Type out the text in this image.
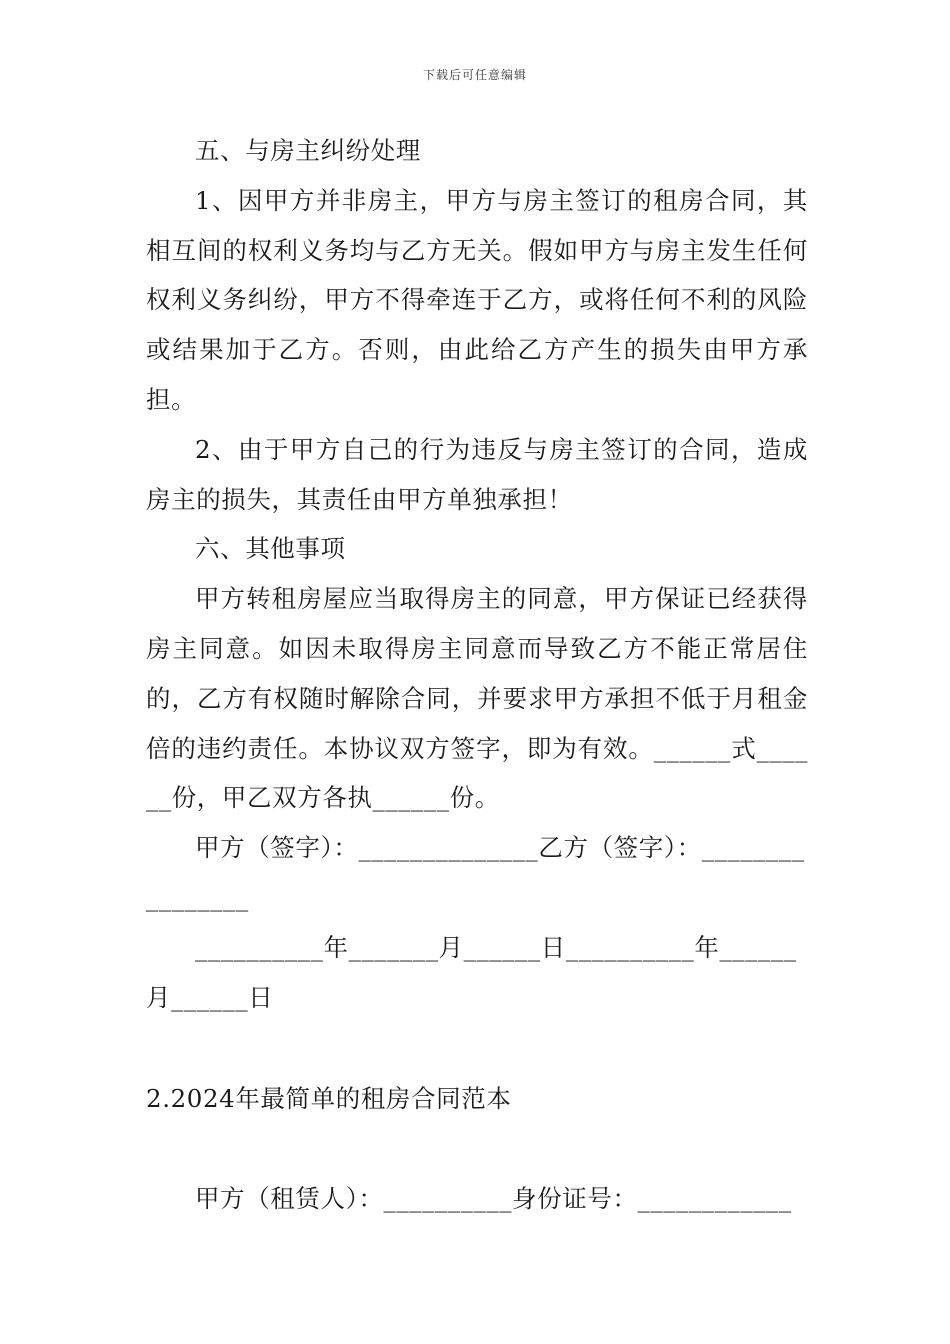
下载后可任意编辑

五、与房主纠纷处理

1、因甲方并非房主，甲方与房主签订的租房合同，其相互间的权利义务均与乙方无关。假如甲方与房主发生任何权利义务纠纷，甲方不得牵连于乙方，或将任何不利的风险或结果加于乙方。否则，由此给乙方产生的损失由甲方承担。

2、由于甲方自己的行为违反与房主签订的合同，造成房主的损失，其责任由甲方单独承担！

六、其他事项

甲方转租房屋应当取得房主的同意，甲方保证已经获得房主同意。如因未取得房主同意而导致乙方不能正常居住的，乙方有权随时解除合同，并要求甲方承担不低于月租金倍的违约责任。本协议双方签字，即为有效。______式______份，甲乙双方各执______份。

甲方（签字）：______________乙方（签字）：________

________

__________年_______月______日__________年______

月______日

2.2024年最简单的租房合同范本

甲方（租赁人）：__________身份证号：____________
